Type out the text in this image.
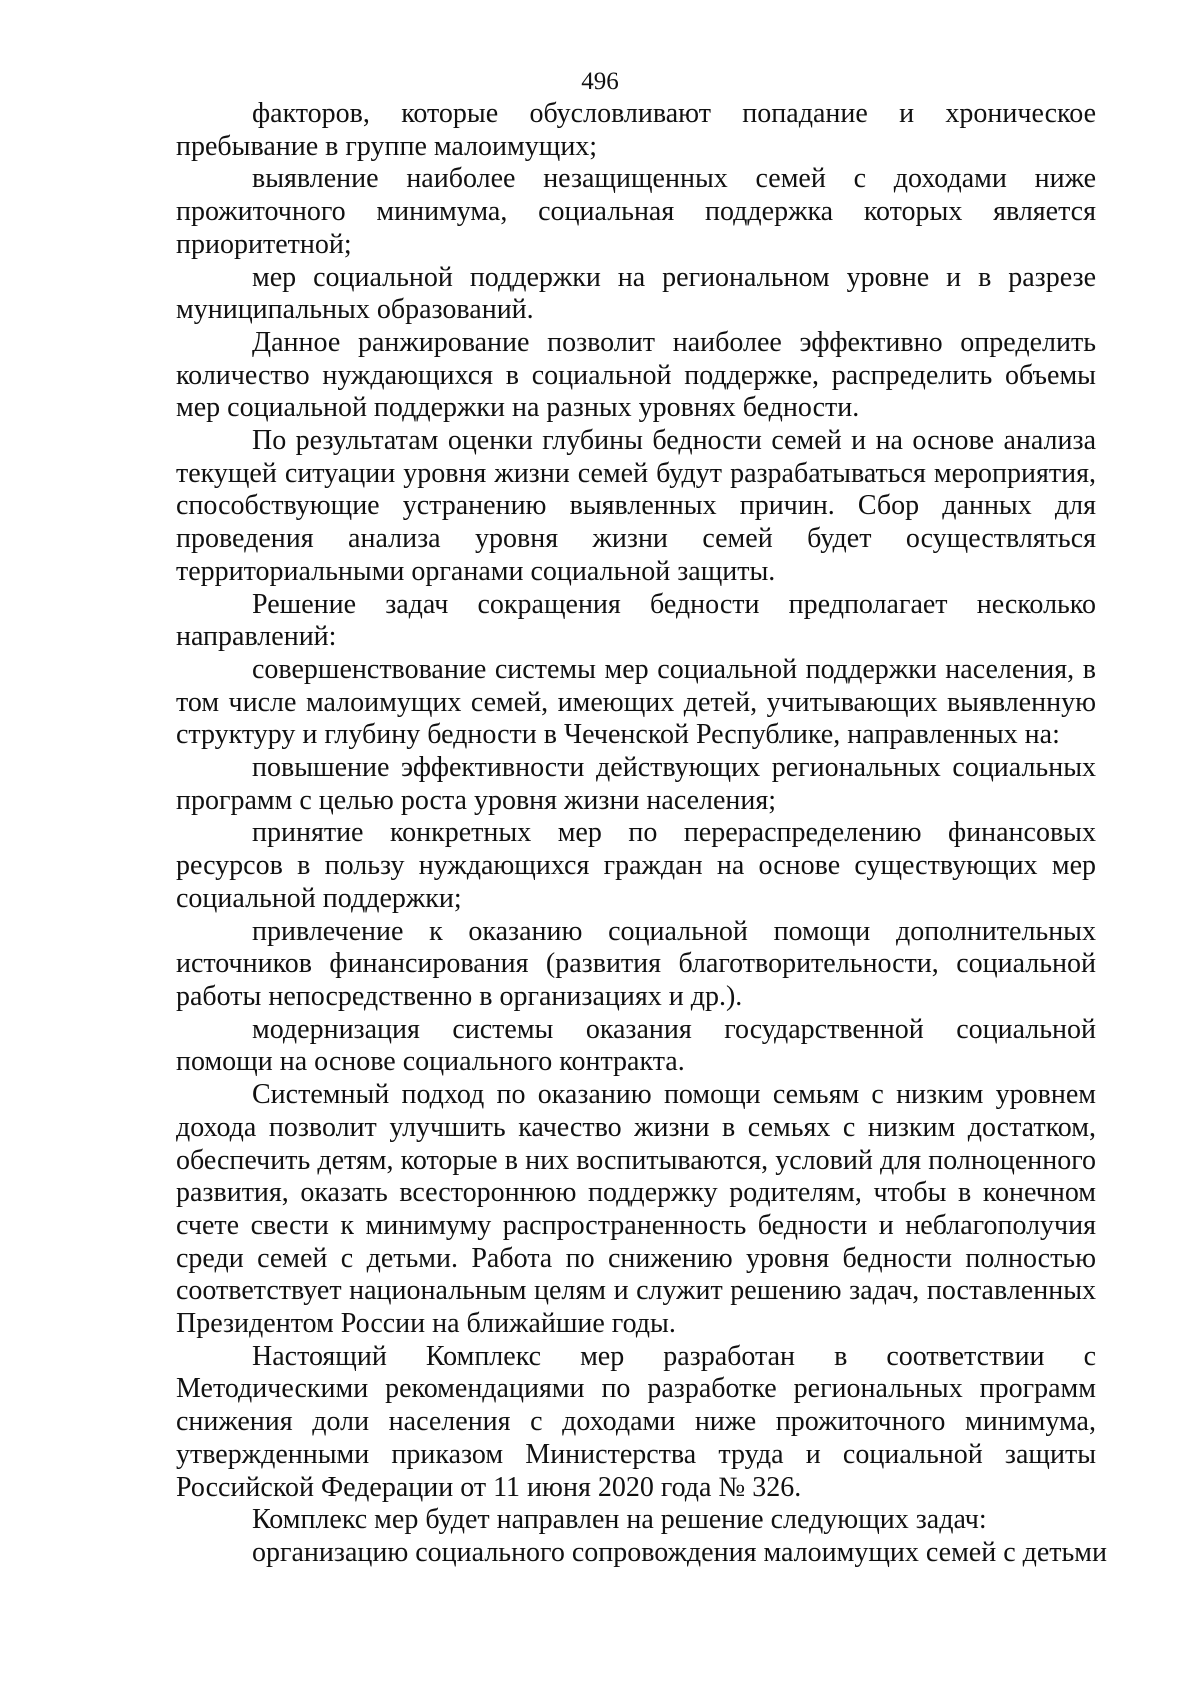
496

факторов, которые обусловливают попадание и хроническое пребывание в группе малоимущих;

выявление наиболее незащищенных семей с доходами ниже прожиточного минимума, социальная поддержка которых является приоритетной;

мер социальной поддержки на региональном уровне и в разрезе муниципальных образований.

Данное ранжирование позволит наиболее эффективно определить количество нуждающихся в социальной поддержке, распределить объемы мер социальной поддержки на разных уровнях бедности.

По результатам оценки глубины бедности семей и на основе анализа текущей ситуации уровня жизни семей будут разрабатываться мероприятия, способствующие устранению выявленных причин. Сбор данных для проведения анализа уровня жизни семей будет осуществляться территориальными органами социальной защиты.

Решение задач сокращения бедности предполагает несколько направлений:

совершенствование системы мер социальной поддержки населения, в том числе малоимущих семей, имеющих детей, учитывающих выявленную структуру и глубину бедности в Чеченской Республике, направленных на:

повышение эффективности действующих региональных социальных программ с целью роста уровня жизни населения;

принятие конкретных мер по перераспределению финансовых ресурсов в пользу нуждающихся граждан на основе существующих мер социальной поддержки;

привлечение к оказанию социальной помощи дополнительных источников финансирования (развития благотворительности, социальной работы непосредственно в организациях и др.).

модернизация системы оказания государственной социальной помощи на основе социального контракта.

Системный подход по оказанию помощи семьям с низким уровнем дохода позволит улучшить качество жизни в семьях с низким достатком, обеспечить детям, которые в них воспитываются, условий для полноценного развития, оказать всестороннюю поддержку родителям, чтобы в конечном счете свести к минимуму распространенность бедности и неблагополучия среди семей с детьми. Работа по снижению уровня бедности полностью соответствует национальным целям и служит решению задач, поставленных Президентом России на ближайшие годы.

Настоящий Комплекс мер разработан в соответствии с Методическими рекомендациями по разработке региональных программ снижения доли населения с доходами ниже прожиточного минимума, утвержденными приказом Министерства труда и социальной защиты Российской Федерации от 11 июня 2020 года № 326.

Комплекс мер будет направлен на решение следующих задач:

организацию социального сопровождения малоимущих семей с детьми
